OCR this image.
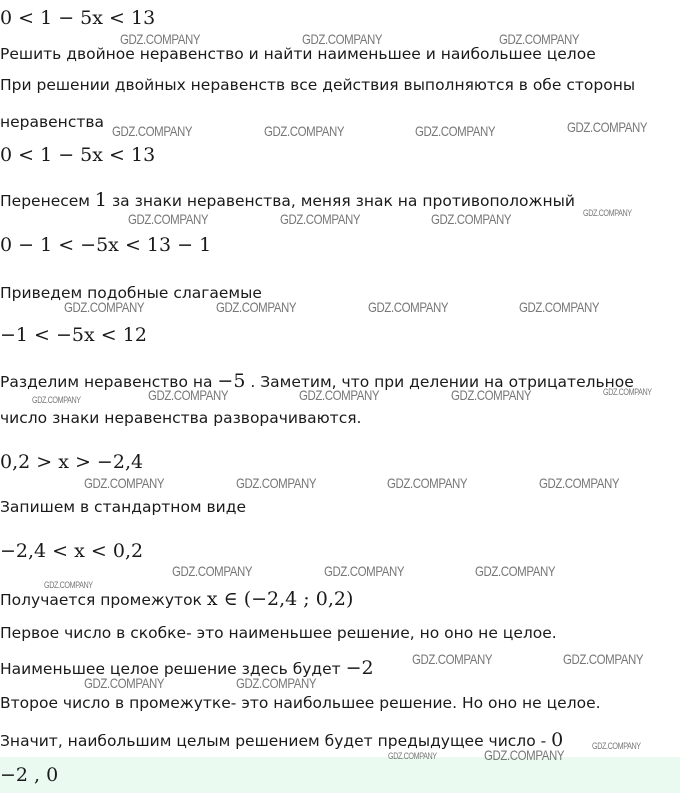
0 < 1 − 5x < 13
Решить двойное неравенство и найти наименьшее и наибольшее целое
При решении двойных неравенств все действия выполняются в обе стороны
неравенства
0 < 1 − 5x < 13
Перенесем 1 за знаки неравенства, меняя знак на противоположный
0 − 1 < −5x < 13 − 1
Приведем подобные слагаемые
−1 < −5x < 12
Разделим неравенство на −5 . Заметим, что при делении на отрицательное
число знаки неравенства разворачиваются.
0,2 > x > −2,4
Запишем в стандартном виде
−2,4 < x < 0,2
Получается промежуток x ∈ (−2,4 ; 0,2)
Первое число в скобке- это наименьшее решение, но оно не целое.
Наименьшее целое решение здесь будет −2
Второе число в промежутке- это наибольшее решение. Но оно не целое.
Значит, наибольшим целым решением будет предыдущее число - 0
−2 , 0
GDZ.COMPANY	GDZ.COMPANY	GDZ.COMPANY
GDZ.COMPANY	GDZ.COMPANY	GDZ.COMPANY	GDZ.COMPANY
GDZ.COMPANY	GDZ.COMPANY	GDZ.COMPANY	GDZ.COMPANY
GDZ.COMPANY	GDZ.COMPANY	GDZ.COMPANY	GDZ.COMPANY
GDZ.COMPANY	GDZ.COMPANY	GDZ.COMPANY	GDZ.COMPANY	GDZ.COMPANY
GDZ.COMPANY	GDZ.COMPANY	GDZ.COMPANY	GDZ.COMPANY
GDZ.COMPANY	GDZ.COMPANY	GDZ.COMPANY
GDZ.COMPANY
GDZ.COMPANY	GDZ.COMPANY
GDZ.COMPANY	GDZ.COMPANY
GDZ.COMPANY
GDZ.COMPANY	GDZ.COMPANY
